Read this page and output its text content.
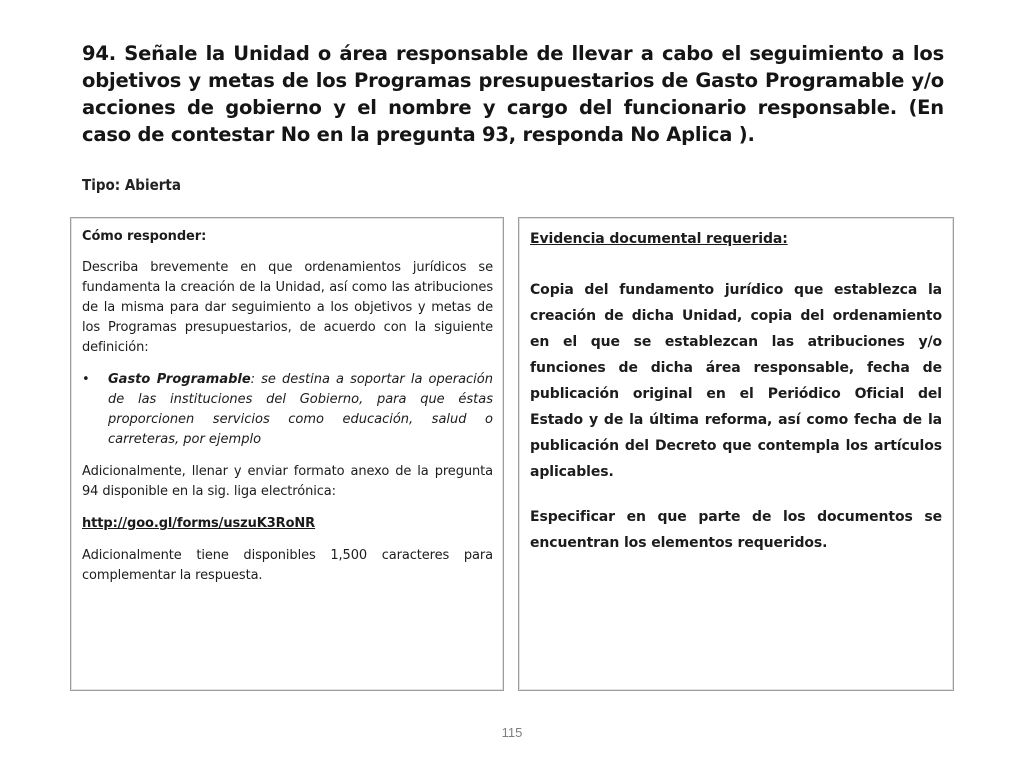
94. Señale la Unidad o área responsable de llevar a cabo el seguimiento a los objetivos y metas de los Programas presupuestarios de Gasto Programable y/o acciones de gobierno y el nombre y cargo del funcionario responsable. (En caso de contestar No en la pregunta 93, responda No Aplica ).
Tipo: Abierta

Cómo responder:

Describa brevemente en que ordenamientos jurídicos se fundamenta la creación de la Unidad, así como las atribuciones de la misma para dar seguimiento a los objetivos y metas de los Programas presupuestarios, de acuerdo con la siguiente definición:

•	Gasto Programable: se destina a soportar la operación de las instituciones del Gobierno, para que éstas proporcionen servicios como educación, salud o carreteras, por ejemplo

Adicionalmente, llenar y enviar formato anexo de la pregunta 94 disponible en la sig. liga electrónica:

http://goo.gl/forms/uszuK3RoNR

Adicionalmente tiene disponibles 1,500 caracteres para complementar la respuesta.

Evidencia documental requerida:

Copia del fundamento jurídico que establezca la creación de dicha Unidad, copia del ordenamiento en el que se establezcan las atribuciones y/o funciones de dicha área responsable, fecha de publicación original en el Periódico Oficial del Estado y de la última reforma, así como fecha de la publicación del Decreto que contempla los artículos aplicables.

Especificar en que parte de los documentos se encuentran los elementos requeridos.

115
